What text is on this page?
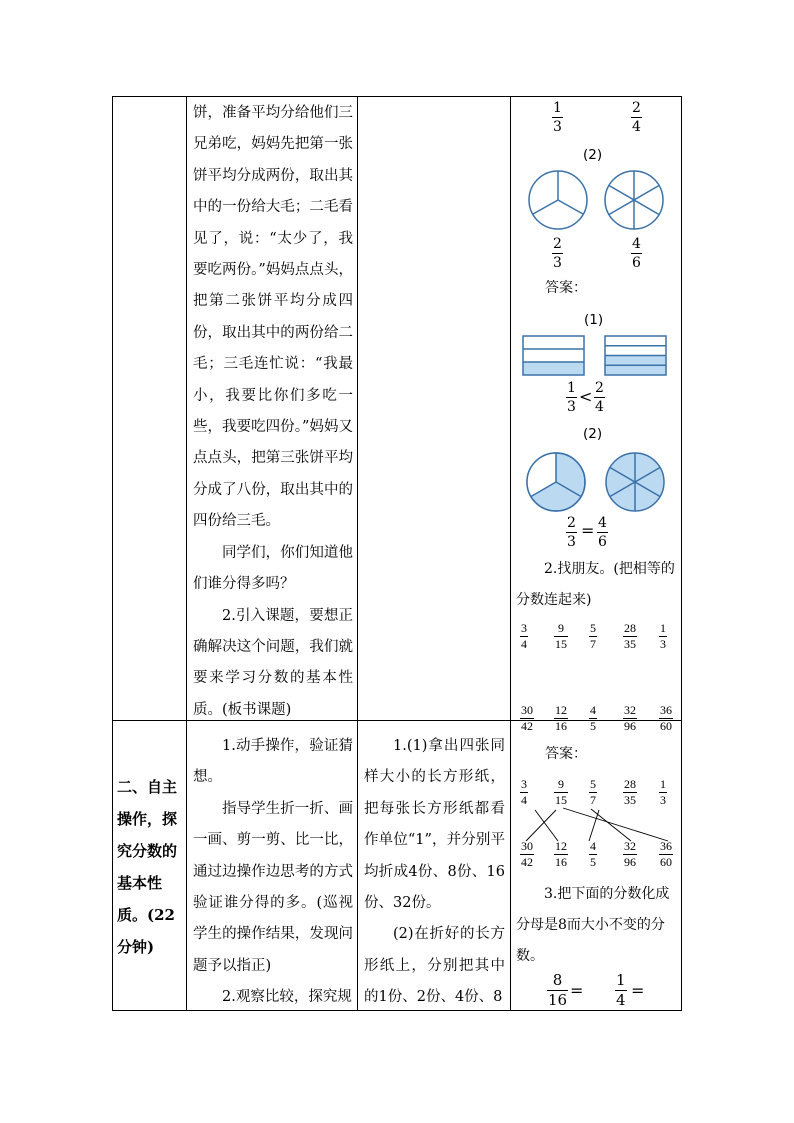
饼，准备平均分给他们三兄弟吃，妈妈先把第一张饼平均分成两份，取出其中的一份给大毛；二毛看见了，说：“太少了，我要吃两份。”妈妈点点头，把第二张饼平均分成四份，取出其中的两份给二毛；三毛连忙说：“我最小，我要比你们多吃一些，我要吃四份。”妈妈又点点头，把第三张饼平均分成了八份，取出其中的四份给三毛。

同学们，你们知道他们谁分得多吗？

2.引入课题，要想正确解决这个问题，我们就要来学习分数的基本性质。(板书课题)

二、自主操作，探究分数的基本性质。(22分钟)

1.动手操作，验证猜想。

指导学生折一折、画一画、剪一剪、比一比，通过边操作边思考的方式验证谁分得的多。(巡视学生的操作结果，发现问题予以指正)

2.观察比较，探究规

1.(1)拿出四张同样大小的长方形纸，把每张长方形纸都看作单位“1”，并分别平均折成4份、8份、16份、32份。

(2)在折好的长方形纸上，分别把其中的1份、2份、4份、8

1
3
2
4
(2)
2
3
4
6
答案：
(1)
1
3
< 2
4
(2)
2
3
= 4
6
2.找朋友。(把相等的分数连起来)
3
4
9
15
5
7
28
35
1
3
30
42
12
16
4
5
32
96
36
60
答案：
3
4
9
15
5
7
28
35
1
3
30
42
12
16
4
5
32
96
36
60
3.把下面的分数化成分母是8而大小不变的分数。
8
16 =
1
4 =
